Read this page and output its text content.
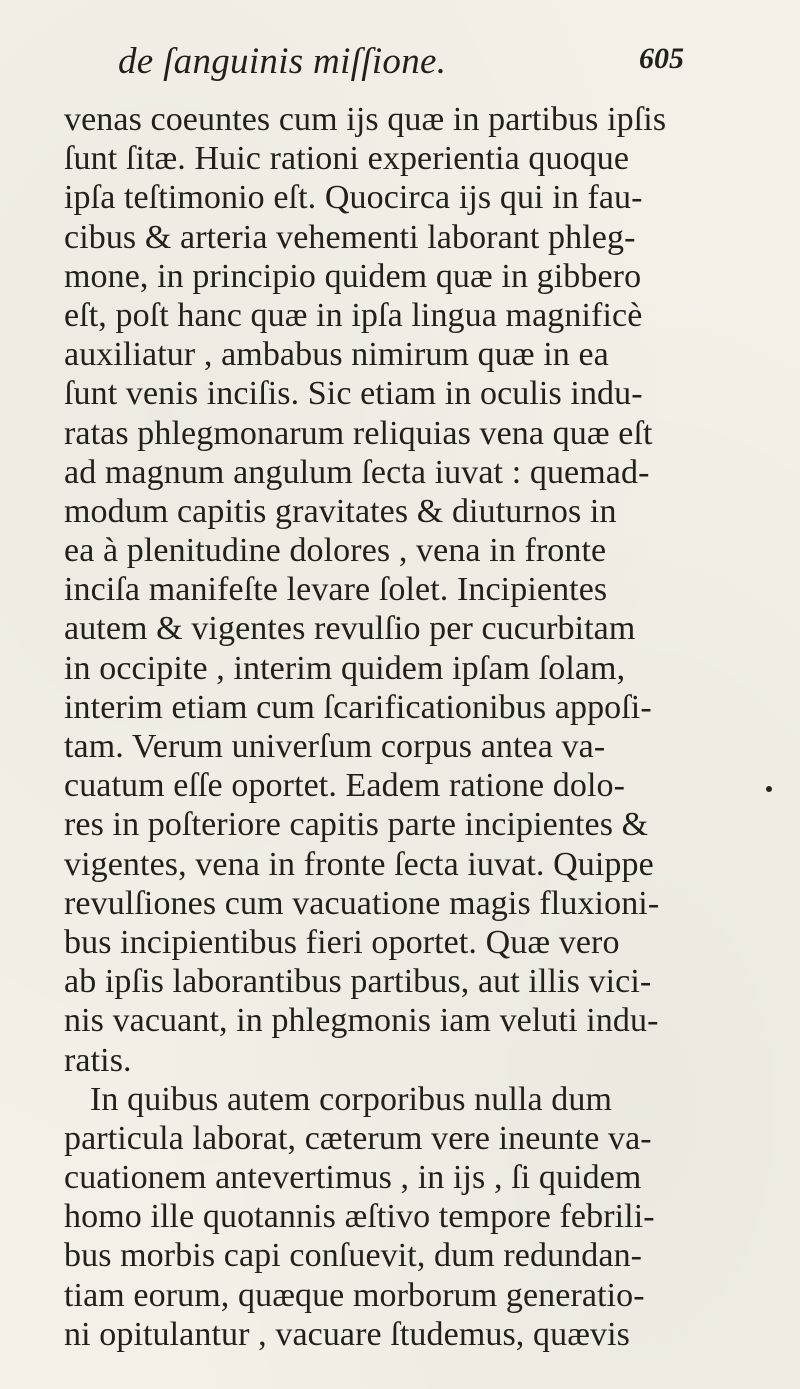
de ſanguinis miſſione.	605
venas coeuntes cum ijs quæ in partibus ipſis
ſunt ſitæ. Huic rationi experientia quoque
ipſa teſtimonio eſt. Quocirca ijs qui in fau-
cibus & arteria vehementi laborant phleg-
mone, in principio quidem quæ in gibbero
eſt, poſt hanc quæ in ipſa lingua magnificè
auxiliatur , ambabus nimirum quæ in ea
ſunt venis inciſis. Sic etiam in oculis indu-
ratas phlegmonarum reliquias vena quæ eſt
ad magnum angulum ſecta iuvat : quemad-
modum capitis gravitates & diuturnos in
ea à plenitudine dolores , vena in fronte
inciſa manifeſte levare ſolet. Incipientes
autem & vigentes revulſio per cucurbitam
in occipite , interim quidem ipſam ſolam,
interim etiam cum ſcarificationibus appoſi-
tam. Verum univerſum corpus antea va-
cuatum eſſe oportet. Eadem ratione dolo-
res in poſteriore capitis parte incipientes &
vigentes, vena in fronte ſecta iuvat. Quippe
revulſiones cum vacuatione magis fluxioni-
bus incipientibus fieri oportet. Quæ vero
ab ipſis laborantibus partibus, aut illis vici-
nis vacuant, in phlegmonis iam veluti indu-
ratis.
In quibus autem corporibus nulla dum
particula laborat, cæterum vere ineunte va-
cuationem antevertimus , in ijs , ſi quidem
homo ille quotannis æſtivo tempore febrili-
bus morbis capi conſuevit, dum redundan-
tiam eorum, quæque morborum generatio-
ni opitulantur , vacuare ſtudemus, quævis
